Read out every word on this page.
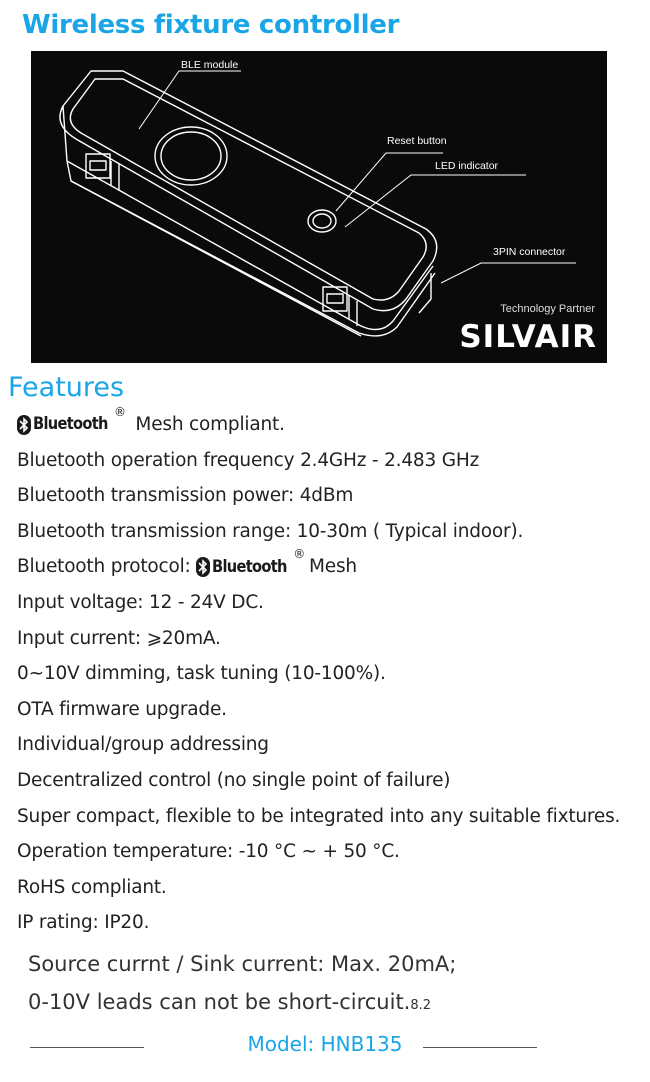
Wireless fixture controller
BLE module
Reset button
LED indicator
3PIN connector
Technology Partner
SILVAIR
Features
Bluetooth
® Mesh compliant.
Bluetooth operation frequency 2.4GHz - 2.483 GHz
Bluetooth transmission power: 4dBm
Bluetooth transmission range: 10-30m ( Typical indoor).
Bluetooth protocol: Bluetooth
®Mesh
Input voltage: 12 - 24V DC.
Input current: ⩾20mA.
0~10V dimming, task tuning (10-100%).
OTA firmware upgrade.
Individual/group addressing
Decentralized control (no single point of failure)
Super compact, flexible to be integrated into any suitable fixtures.
Operation temperature: -10 °C ~ + 50 °C.
RoHS compliant.
IP rating: IP20.
Source currnt / Sink current: Max. 20mA;
0-10V leads can not be short-circuit.8.2
Model: HNB135
